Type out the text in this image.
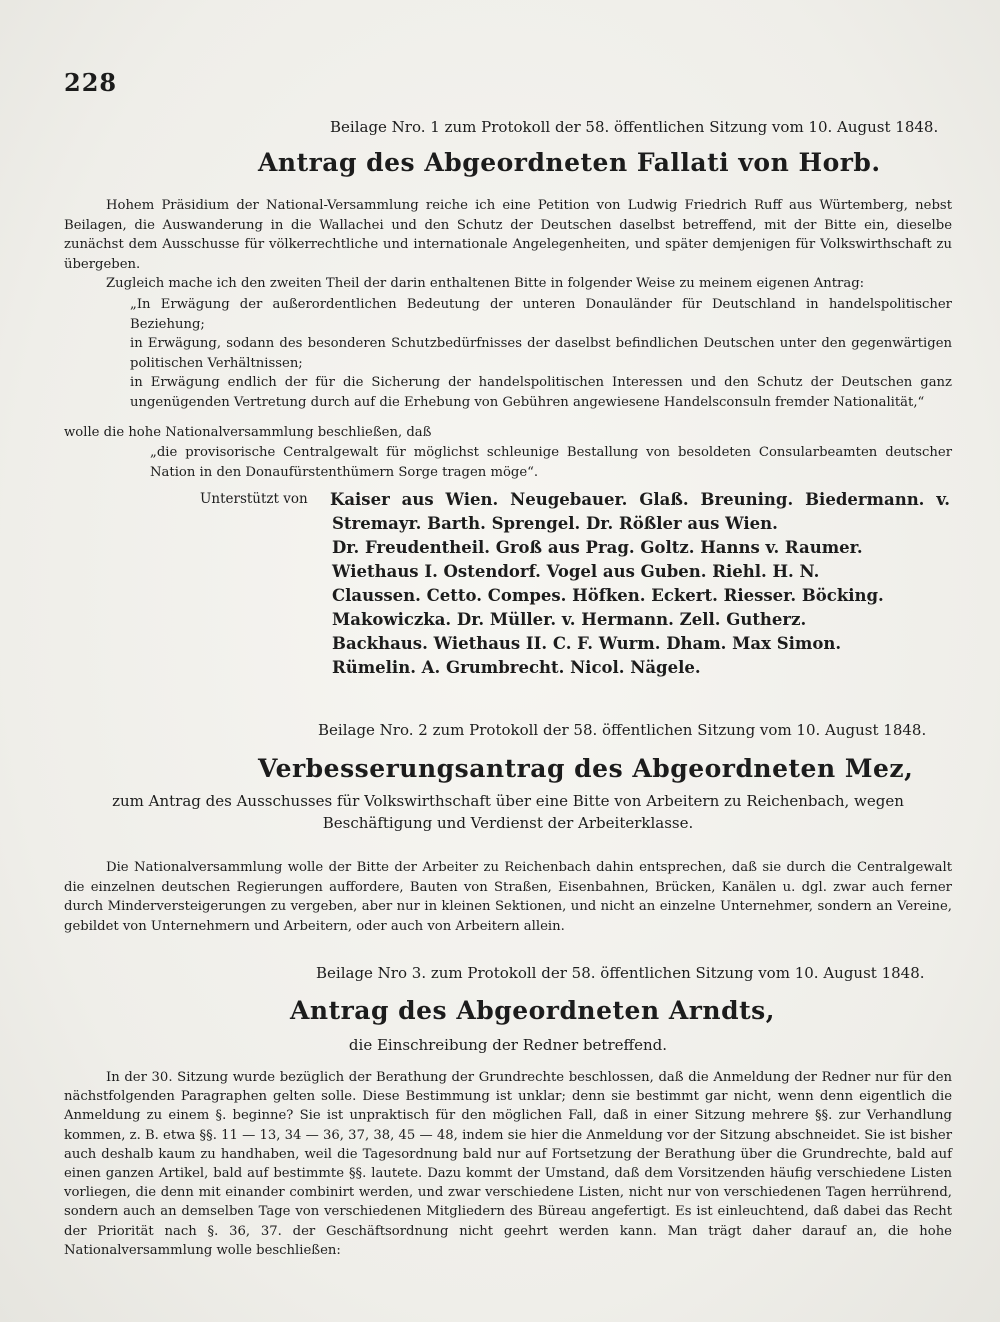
228
Beilage Nro. 1 zum Protokoll der 58. öffentlichen Sitzung vom 10. August 1848.
Antrag des Abgeordneten Fallati von Horb.

Hohem Präsidium der National-Versammlung reiche ich eine Petition von Ludwig Friedrich Ruff aus Würtemberg, nebst Beilagen, die Auswanderung in die Wallachei und den Schutz der Deutschen daselbst betreffend, mit der Bitte ein, dieselbe zunächst dem Ausschusse für völkerrechtliche und internationale Angelegenheiten, und später demjenigen für Volkswirthschaft zu übergeben.

Zugleich mache ich den zweiten Theil der darin enthaltenen Bitte in folgender Weise zu meinem eigenen Antrag:

„In Erwägung der außerordentlichen Bedeutung der unteren Donauländer für Deutschland in handelspolitischer Beziehung;

in Erwägung, sodann des besonderen Schutzbedürfnisses der daselbst befindlichen Deutschen unter den gegenwärtigen politischen Verhältnissen;

in Erwägung endlich der für die Sicherung der handelspolitischen Interessen und den Schutz der Deutschen ganz ungenügenden Vertretung durch auf die Erhebung von Gebühren angewiesene Handelsconsuln fremder Nationalität,“

wolle die hohe Nationalversammlung beschließen, daß
„die provisorische Centralgewalt für möglichst schleunige Bestallung von besoldeten Consularbeamten deutscher Nation in den Donaufürstenthümern Sorge tragen möge“.
Unterstützt von Kaiser aus Wien. Neugebauer. Glaß. Breuning. Biedermann. v. Stremayr. Barth. Sprengel. Dr. Rößler aus Wien.

Dr. Freudentheil. Groß aus Prag. Goltz. Hanns v. Raumer.

Wiethaus I. Ostendorf. Vogel aus Guben. Riehl. H. N.

Claussen. Cetto. Compes. Höfken. Eckert. Riesser. Böcking.

Makowiczka. Dr. Müller. v. Hermann. Zell. Gutherz.

Backhaus. Wiethaus II. C. F. Wurm. Dham. Max Simon.

Rümelin. A. Grumbrecht. Nicol. Nägele.

Beilage Nro. 2 zum Protokoll der 58. öffentlichen Sitzung vom 10. August 1848.
Verbesserungsantrag des Abgeordneten Mez,
zum Antrag des Ausschusses für Volkswirthschaft über eine Bitte von Arbeitern zu Reichenbach, wegen Beschäftigung und Verdienst der Arbeiterklasse.
Die Nationalversammlung wolle der Bitte der Arbeiter zu Reichenbach dahin entsprechen, daß sie durch die Centralgewalt die einzelnen deutschen Regierungen auffordere, Bauten von Straßen, Eisenbahnen, Brücken, Kanälen u. dgl. zwar auch ferner durch Minderversteigerungen zu vergeben, aber nur in kleinen Sektionen, und nicht an einzelne Unternehmer, sondern an Vereine, gebildet von Unternehmern und Arbeitern, oder auch von Arbeitern allein.
Beilage Nro 3. zum Protokoll der 58. öffentlichen Sitzung vom 10. August 1848.
Antrag des Abgeordneten Arndts,
die Einschreibung der Redner betreffend.
In der 30. Sitzung wurde bezüglich der Berathung der Grundrechte beschlossen, daß die Anmeldung der Redner nur für den nächstfolgenden Paragraphen gelten solle. Diese Bestimmung ist unklar; denn sie bestimmt gar nicht, wenn denn eigentlich die Anmeldung zu einem §. beginne? Sie ist unpraktisch für den möglichen Fall, daß in einer Sitzung mehrere §§. zur Verhandlung kommen, z. B. etwa §§. 11 — 13, 34 — 36, 37, 38, 45 — 48, indem sie hier die Anmeldung vor der Sitzung abschneidet. Sie ist bisher auch deshalb kaum zu handhaben, weil die Tagesordnung bald nur auf Fortsetzung der Berathung über die Grundrechte, bald auf einen ganzen Artikel, bald auf bestimmte §§. lautete. Dazu kommt der Umstand, daß dem Vorsitzenden häufig verschiedene Listen vorliegen, die denn mit einander combinirt werden, und zwar verschiedene Listen, nicht nur von verschiedenen Tagen herrührend, sondern auch an demselben Tage von verschiedenen Mitgliedern des Büreau angefertigt. Es ist einleuchtend, daß dabei das Recht der Priorität nach §. 36, 37. der Geschäftsordnung nicht geehrt werden kann. Man trägt daher darauf an, die hohe Nationalversammlung wolle beschließen:
